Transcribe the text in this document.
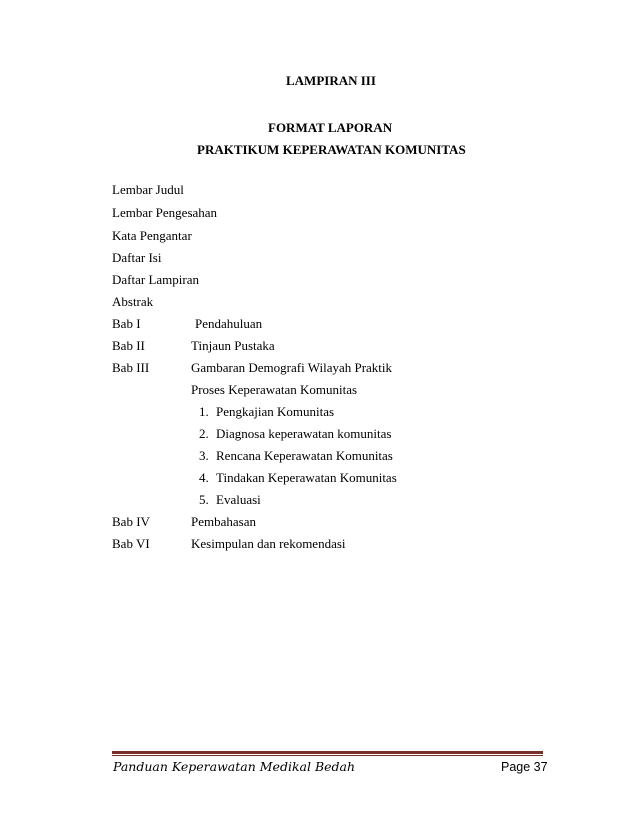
LAMPIRAN III
FORMAT LAPORAN
PRAKTIKUM KEPERAWATAN KOMUNITAS
Lembar Judul
Lembar Pengesahan
Kata Pengantar
Daftar Isi
Daftar Lampiran
Abstrak
Bab I	Pendahuluan
Bab II	Tinjaun Pustaka
Bab III	Gambaran Demografi Wilayah Praktik
Proses Keperawatan Komunitas
1. Pengkajian Komunitas
2. Diagnosa keperawatan komunitas
3. Rencana Keperawatan Komunitas
4. Tindakan Keperawatan Komunitas
5. Evaluasi
Bab IV	Pembahasan
Bab VI	Kesimpulan dan rekomendasi
Panduan Keperawatan Medikal Bedah	Page 37
